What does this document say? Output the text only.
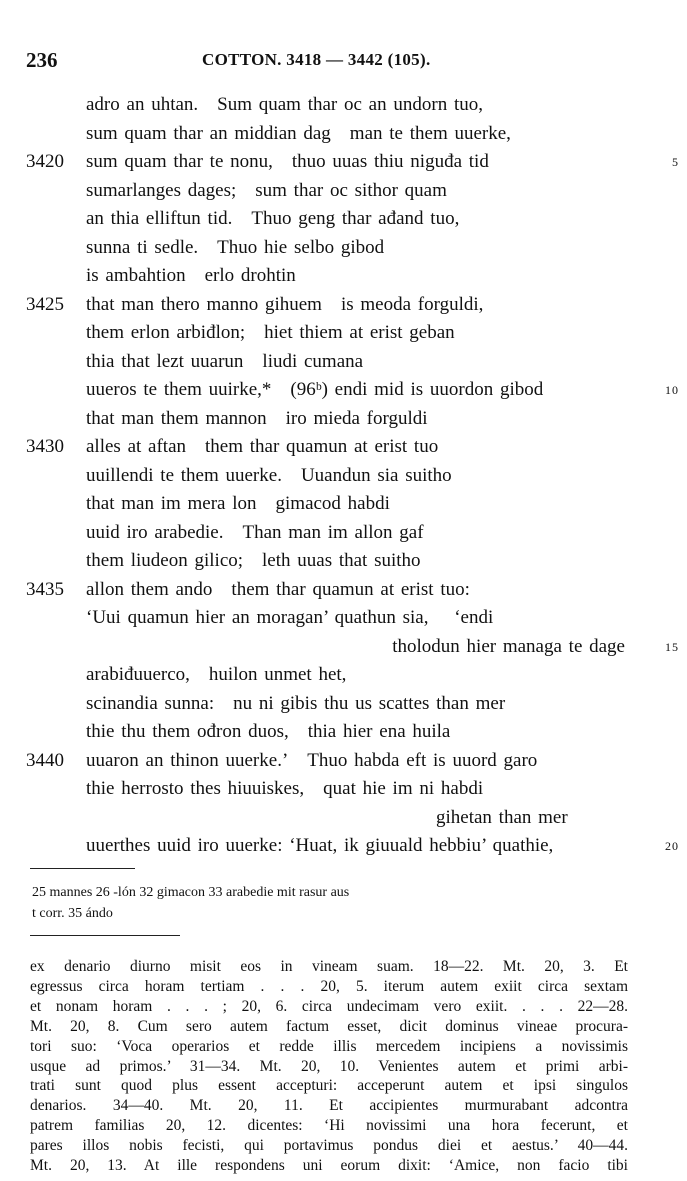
236	COTTON. 3418 — 3442 (105).
adro an uhtan. Sum quam thar oc an undorn tuo,
sum quam thar an middian dag man te them uuerke,
3420 sum quam thar te nonu, thuo uuas thiu niguđa tid	5
sumarlanges dages; sum thar oc sithor quam
an thia elliftun tid. Thuo geng thar ađand tuo,
sunna ti sedle. Thuo hie selbo gibod
is ambahtion erlo drohtin
3425 that man thero manno gihuem is meoda forguldi,
them erlon arbiđlon; hiet thiem at erist geban
thia that lezt uuarun liudi cumana
uueros te them uuirke,* (96ᵇ) endi mid is uuordon gibod	10
that man them mannon iro mieda forguldi
3430 alles at aftan them thar quamun at erist tuo
uuillendi te them uuerke. Uuandun sia suitho
that man im mera lon gimacod habdi
uuid iro arabedie. Than man im allon gaf
them liudeon gilico; leth uuas that suitho
3435 allon them ando them thar quamun at erist tuo:
‘Uui quamun hier an moragan’ quathun sia,  ‘endi
tholodun hier managa te dage	15
arabiđuuerco, huilon unmet het,
scinandia sunna: nu ni gibis thu us scattes than mer
thie thu them ođron duos, thia hier ena huila
3440 uuaron an thinon uuerke.’ Thuo habda eft is uuord garo
thie herrosto thes hiuuiskes, quat hie im ni habdi
gihetan than mer
uuerthes uuid iro uuerke: ‘Huat, ik giuuald hebbiu’ quathie,	20
25 mannes 26 -lón 32 gimacon 33 arabedie mit rasur aus
t corr. 35 ándo
ex denario diurno misit eos in vineam suam. 18—22. Mt. 20, 3. Et
egressus circa horam tertiam . . . 20, 5. iterum autem exiit circa sextam
et nonam horam . . . ; 20, 6. circa undecimam vero exiit. . . . 22—28.
Mt. 20, 8. Cum sero autem factum esset, dicit dominus vineae procura-
tori suo: ‘Voca operarios et redde illis mercedem incipiens a novissimis
usque ad primos.’ 31—34. Mt. 20, 10. Venientes autem et primi arbi-
trati sunt quod plus essent accepturi: acceperunt autem et ipsi singulos
denarios. 34—40. Mt. 20, 11. Et accipientes murmurabant adcontra
patrem familias 20, 12. dicentes: ‘Hi novissimi una hora fecerunt, et
pares illos nobis fecisti, qui portavimus pondus diei et aestus.’ 40—44.
Mt. 20, 13. At ille respondens uni eorum dixit: ‘Amice, non facio tibi
